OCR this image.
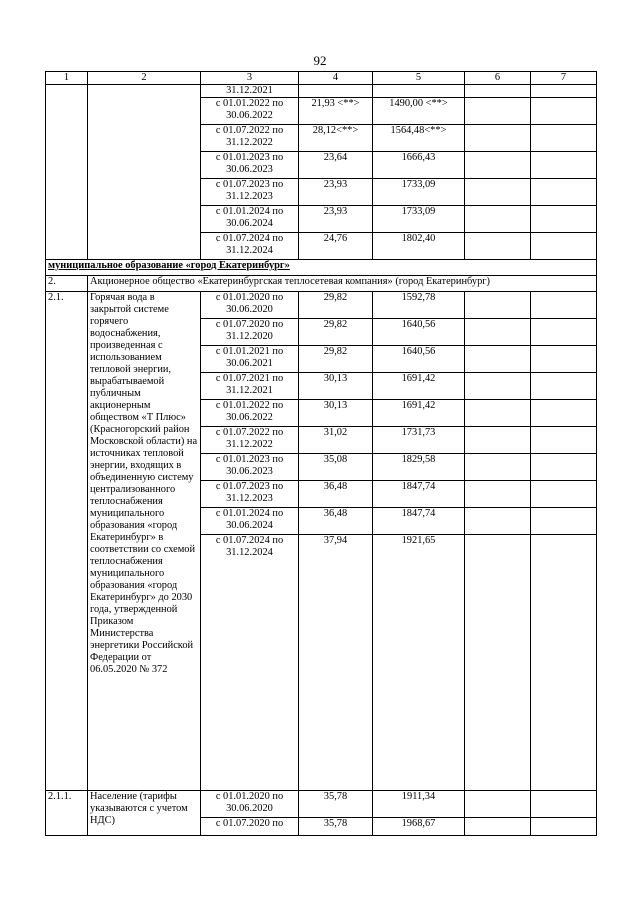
92
1	2	3	4	5	6	7
		31.12.2021				
		с 01.01.2022 по 30.06.2022	21,93 <**>	1490,00 <**>		
		с 01.07.2022 по 31.12.2022	28,12<**>	1564,48<**>		
		с 01.01.2023 по 30.06.2023	23,64	1666,43		
		с 01.07.2023 по 31.12.2023	23,93	1733,09		
		с 01.01.2024 по 30.06.2024	23,93	1733,09		
		с 01.07.2024 по 31.12.2024	24,76	1802,40		
муниципальное образование «город Екатеринбург»						
2.	Акционерное общество «Екатеринбургская теплосетевая компания» (город Екатеринбург)					
2.1.	Горячая вода в закрытой системе горячего водоснабжения, произведенная с использованием тепловой энергии, вырабатываемой публичным акционерным обществом «Т Плюс» (Красногорский район Московской области) на источниках тепловой энергии, входящих в объединенную систему централизованного теплоснабжения муниципального образования «город Екатеринбург» в соответствии со схемой теплоснабжения муниципального образования «город Екатеринбург» до 2030 года, утвержденной Приказом Министерства энергетики Российской Федерации от 06.05.2020 № 372	с 01.01.2020 по 30.06.2020	29,82	1592,78		
		с 01.07.2020 по 31.12.2020	29,82	1640,56		
		с 01.01.2021 по 30.06.2021	29,82	1640,56		
		с 01.07.2021 по 31.12.2021	30,13	1691,42		
		с 01.01.2022 по 30.06.2022	30,13	1691,42		
		с 01.07.2022 по 31.12.2022	31,02	1731,73		
		с 01.01.2023 по 30.06.2023	35,08	1829,58		
		с 01.07.2023 по 31.12.2023	36,48	1847,74		
		с 01.01.2024 по 30.06.2024	36,48	1847,74		
		с 01.07.2024 по 31.12.2024	37,94	1921,65		
2.1.1.	Население (тарифы указываются с учетом НДС)	с 01.01.2020 по 30.06.2020	35,78	1911,34		
		с 01.07.2020 по	35,78	1968,67		
